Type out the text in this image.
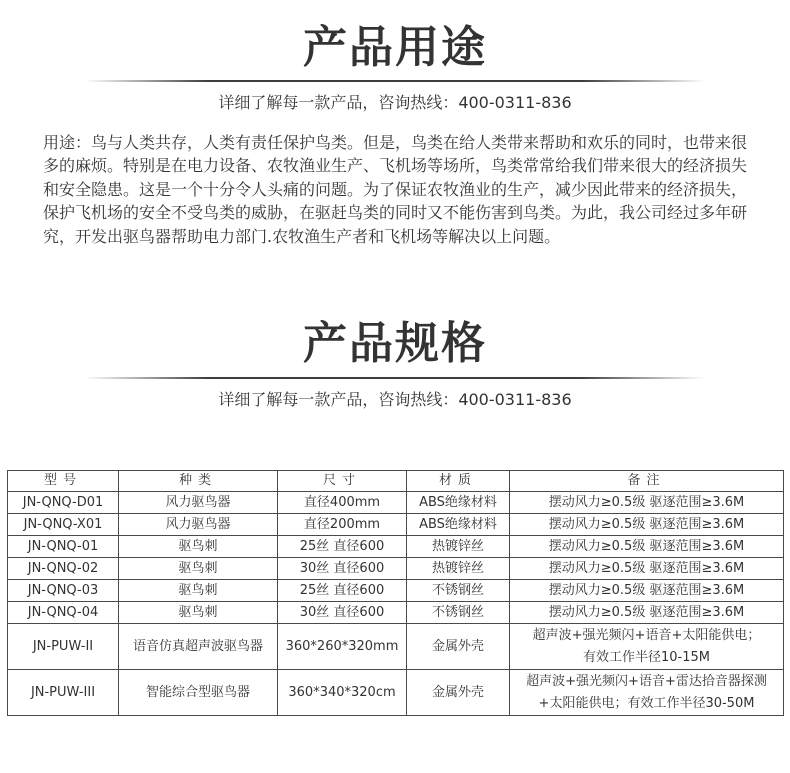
产品用途
详细了解每一款产品，咨询热线：400-0311-836

用途：鸟与人类共存，人类有责任保护鸟类。但是，鸟类在给人类带来帮助和欢乐的同时，也带来很多的麻烦。特别是在电力设备、农牧渔业生产、飞机场等场所，鸟类常常给我们带来很大的经济损失和安全隐患。这是一个十分令人头痛的问题。为了保证农牧渔业的生产，减少因此带来的经济损失，保护飞机场的安全不受鸟类的威胁，在驱赶鸟类的同时又不能伤害到鸟类。为此，我公司经过多年研究，开发出驱鸟器帮助电力部门.农牧渔生产者和飞机场等解决以上问题。

产品规格
详细了解每一款产品，咨询热线：400-0311-836
型号	种类	尺寸	材质	备注
JN-QNQ-D01	风力驱鸟器	直径400mm	ABS绝缘材料	摆动风力≥0.5级 驱逐范围≥3.6M
JN-QNQ-X01	风力驱鸟器	直径200mm	ABS绝缘材料	摆动风力≥0.5级 驱逐范围≥3.6M
JN-QNQ-01	驱鸟刺	25丝 直径600	热镀锌丝	摆动风力≥0.5级 驱逐范围≥3.6M
JN-QNQ-02	驱鸟刺	30丝 直径600	热镀锌丝	摆动风力≥0.5级 驱逐范围≥3.6M
JN-QNQ-03	驱鸟刺	25丝 直径600	不锈钢丝	摆动风力≥0.5级 驱逐范围≥3.6M
JN-QNQ-04	驱鸟刺	30丝 直径600	不锈钢丝	摆动风力≥0.5级 驱逐范围≥3.6M
JN-PUW-II	语音仿真超声波驱鸟器	360*260*320mm	金属外壳	超声波+强光频闪+语音+太阳能供电；
有效工作半径10-15M

JN-PUW-III	智能综合型驱鸟器	360*340*320cm	金属外壳	超声波+强光频闪+语音+雷达拾音器探测
+太阳能供电；有效工作半径30-50M
